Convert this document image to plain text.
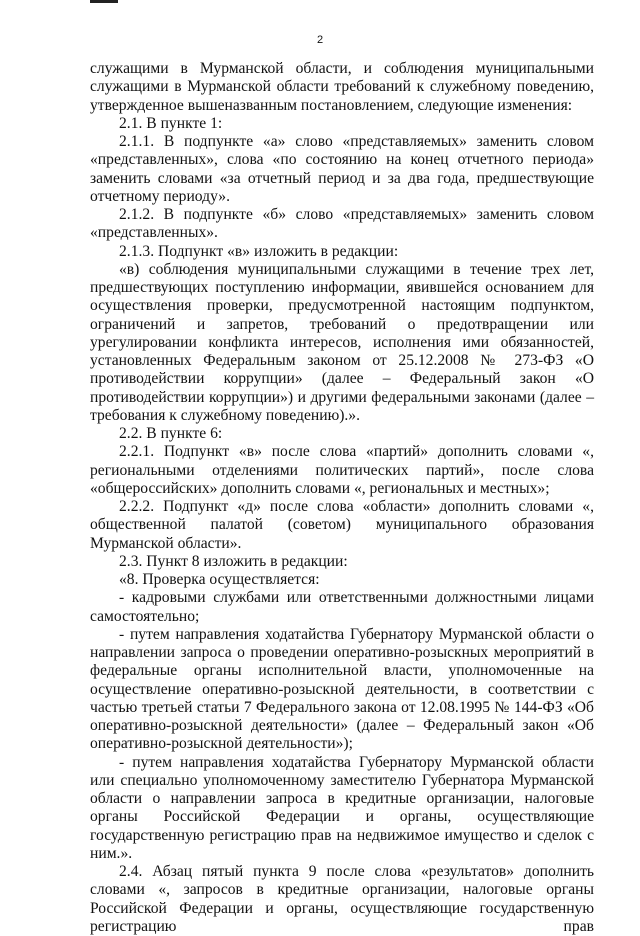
2

служащими в Мурманской области, и соблюдения муниципальными служащими в Мурманской области требований к служебному поведению, утвержденное вышеназванным постановлением, следующие изменения:

2.1. В пункте 1:

2.1.1. В подпункте «а» слово «представляемых» заменить словом «представленных», слова «по состоянию на конец отчетного периода» заменить словами «за отчетный период и за два года, предшествующие отчетному периоду».

2.1.2. В подпункте «б» слово «представляемых» заменить словом «представленных».

2.1.3. Подпункт «в» изложить в редакции:

«в) соблюдения муниципальными служащими в течение трех лет, предшествующих поступлению информации, явившейся основанием для осуществления проверки, предусмотренной настоящим подпунктом, ограничений и запретов, требований о предотвращении или урегулировании конфликта интересов, исполнения ими обязанностей, установленных Федеральным законом от 25.12.2008 № 273-ФЗ «О противодействии коррупции» (далее – Федеральный закон «О противодействии коррупции») и другими федеральными законами (далее – требования к служебному поведению).».

2.2. В пункте 6:

2.2.1. Подпункт «в» после слова «партий» дополнить словами «, региональными отделениями политических партий», после слова «общероссийских» дополнить словами «, региональных и местных»;

2.2.2. Подпункт «д» после слова «области» дополнить словами «, общественной палатой (советом) муниципального образования Мурманской области».

2.3. Пункт 8 изложить в редакции:

«8. Проверка осуществляется:

- кадровыми службами или ответственными должностными лицами самостоятельно;

- путем направления ходатайства Губернатору Мурманской области о направлении запроса о проведении оперативно-розыскных мероприятий в федеральные органы исполнительной власти, уполномоченные на осуществление оперативно-розыскной деятельности, в соответствии с частью третьей статьи 7 Федерального закона от 12.08.1995 № 144-ФЗ «Об оперативно-розыскной деятельности» (далее – Федеральный закон «Об оперативно-розыскной деятельности»);

- путем направления ходатайства Губернатору Мурманской области или специально уполномоченному заместителю Губернатора Мурманской области о направлении запроса в кредитные организации, налоговые органы Российской Федерации и органы, осуществляющие государственную регистрацию прав на недвижимое имущество и сделок с ним.».

2.4. Абзац пятый пункта 9 после слова «результатов» дополнить словами «, запросов в кредитные организации, налоговые органы Российской Федерации и органы, осуществляющие государственную регистрацию прав
